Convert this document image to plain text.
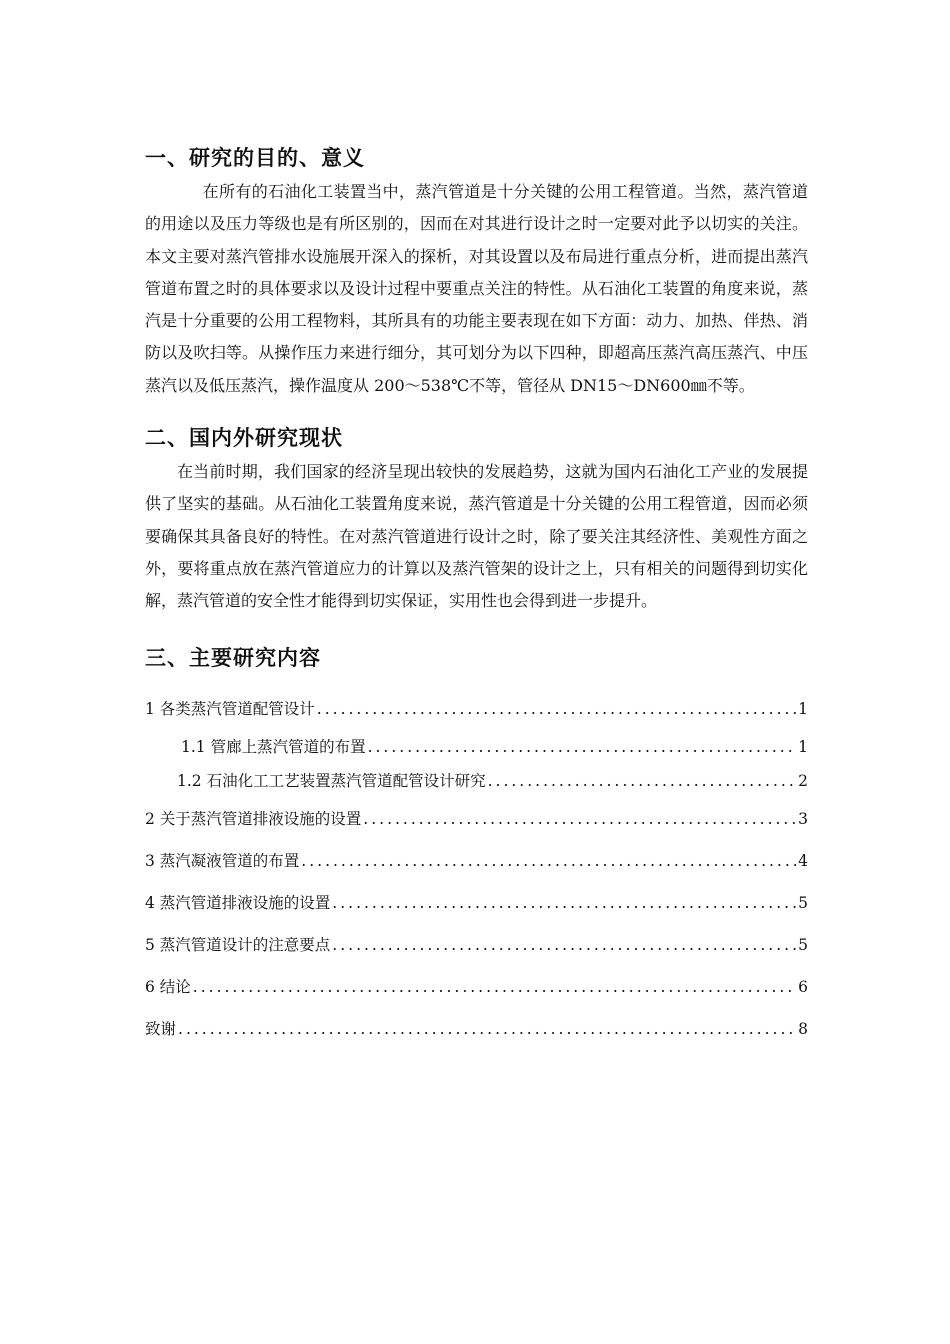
一、研究的目的、意义

在所有的石油化工装置当中，蒸汽管道是十分关键的公用工程管道。当然，蒸汽管道的用途以及压力等级也是有所区别的，因而在对其进行设计之时一定要对此予以切实的关注。本文主要对蒸汽管排水设施展开深入的探析，对其设置以及布局进行重点分析，进而提出蒸汽管道布置之时的具体要求以及设计过程中要重点关注的特性。从石油化工装置的角度来说，蒸汽是十分重要的公用工程物料，其所具有的功能主要表现在如下方面：动力、加热、伴热、消防以及吹扫等。从操作压力来进行细分，其可划分为以下四种，即超高压蒸汽高压蒸汽、中压蒸汽以及低压蒸汽，操作温度从 200～538℃不等，管径从 DN15～DN600㎜不等。

二、国内外研究现状

在当前时期，我们国家的经济呈现出较快的发展趋势，这就为国内石油化工产业的发展提供了坚实的基础。从石油化工装置角度来说，蒸汽管道是十分关键的公用工程管道，因而必须要确保其具备良好的特性。在对蒸汽管道进行设计之时，除了要关注其经济性、美观性方面之外，要将重点放在蒸汽管道应力的计算以及蒸汽管架的设计之上，只有相关的问题得到切实化解，蒸汽管道的安全性才能得到切实保证，实用性也会得到进一步提升。

三、主要研究内容
1 各类蒸汽管道配管设计 .....	1
1.1 管廊上蒸汽管道的布置 .....	1
1.2 石油化工工艺装置蒸汽管道配管设计研究 .....	2
2 关于蒸汽管道排液设施的设置 .....	3
3 蒸汽凝液管道的布置 .....	4
4 蒸汽管道排液设施的设置 .....	5
5 蒸汽管道设计的注意要点 .....	5
6 结论 .....	6
致谢 .....	8
